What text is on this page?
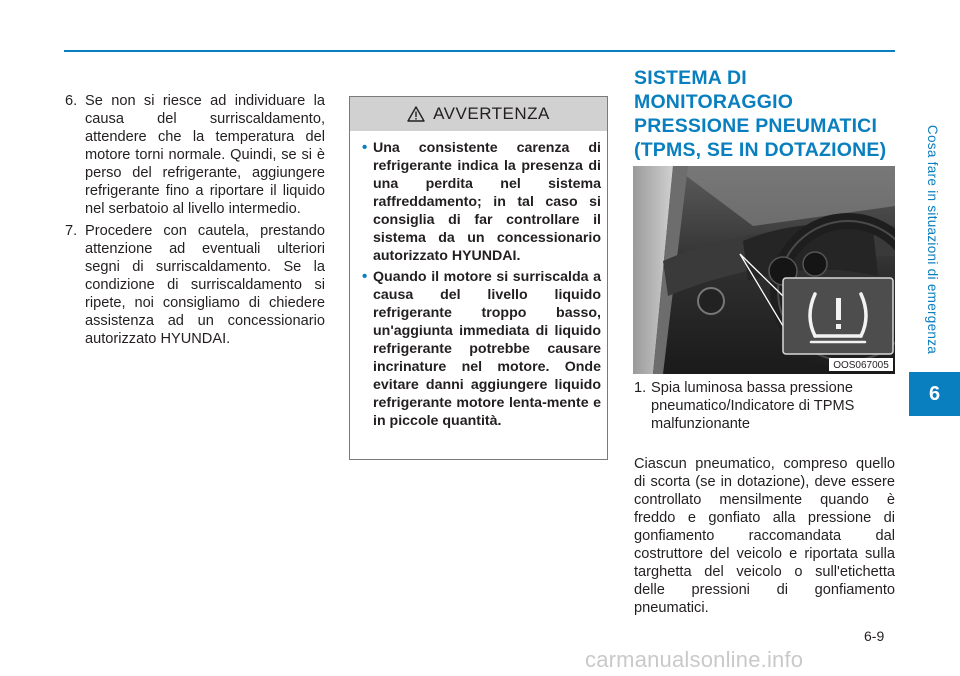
Cosa fare in situazioni di emergenza
6
6. Se non si riesce ad individuare la causa del surriscaldamento, attendere che la temperatura del motore torni normale. Quindi, se si è perso del refrigerante, aggiungere refrigerante fino a riportare il liquido nel serbatoio al livello intermedio.
7. Procedere con cautela, prestando attenzione ad eventuali ulteriori segni di surriscaldamento. Se la condizione di surriscaldamento si ripete, noi consigliamo di chiedere assistenza ad un concessionario autorizzato HYUNDAI.
AVVERTENZA
• Una consistente carenza di refrigerante indica la presenza di una perdita nel sistema raffreddamento; in tal caso si consiglia di far controllare il sistema da un concessionario autorizzato HYUNDAI.
• Quando il motore si surriscalda a causa del livello liquido refrigerante troppo basso, un'aggiunta immediata di liquido refrigerante potrebbe causare incrinature nel motore. Onde evitare danni aggiungere liquido refrigerante motore lenta-mente e in piccole quantità.
SISTEMA DI MONITORAGGIO PRESSIONE PNEUMATICI (TPMS, SE IN DOTAZIONE)
OOS067005
1. Spia luminosa bassa pressione pneumatico/Indicatore di TPMS malfunzionante
Ciascun pneumatico, compreso quello di scorta (se in dotazione), deve essere controllato mensilmente quando è freddo e gonfiato alla pressione di gonfiamento raccomandata dal costruttore del veicolo e riportata sulla targhetta del veicolo o sull'etichetta delle pressioni di gonfiamento pneumatici.
6-9
carmanualsonline.info
